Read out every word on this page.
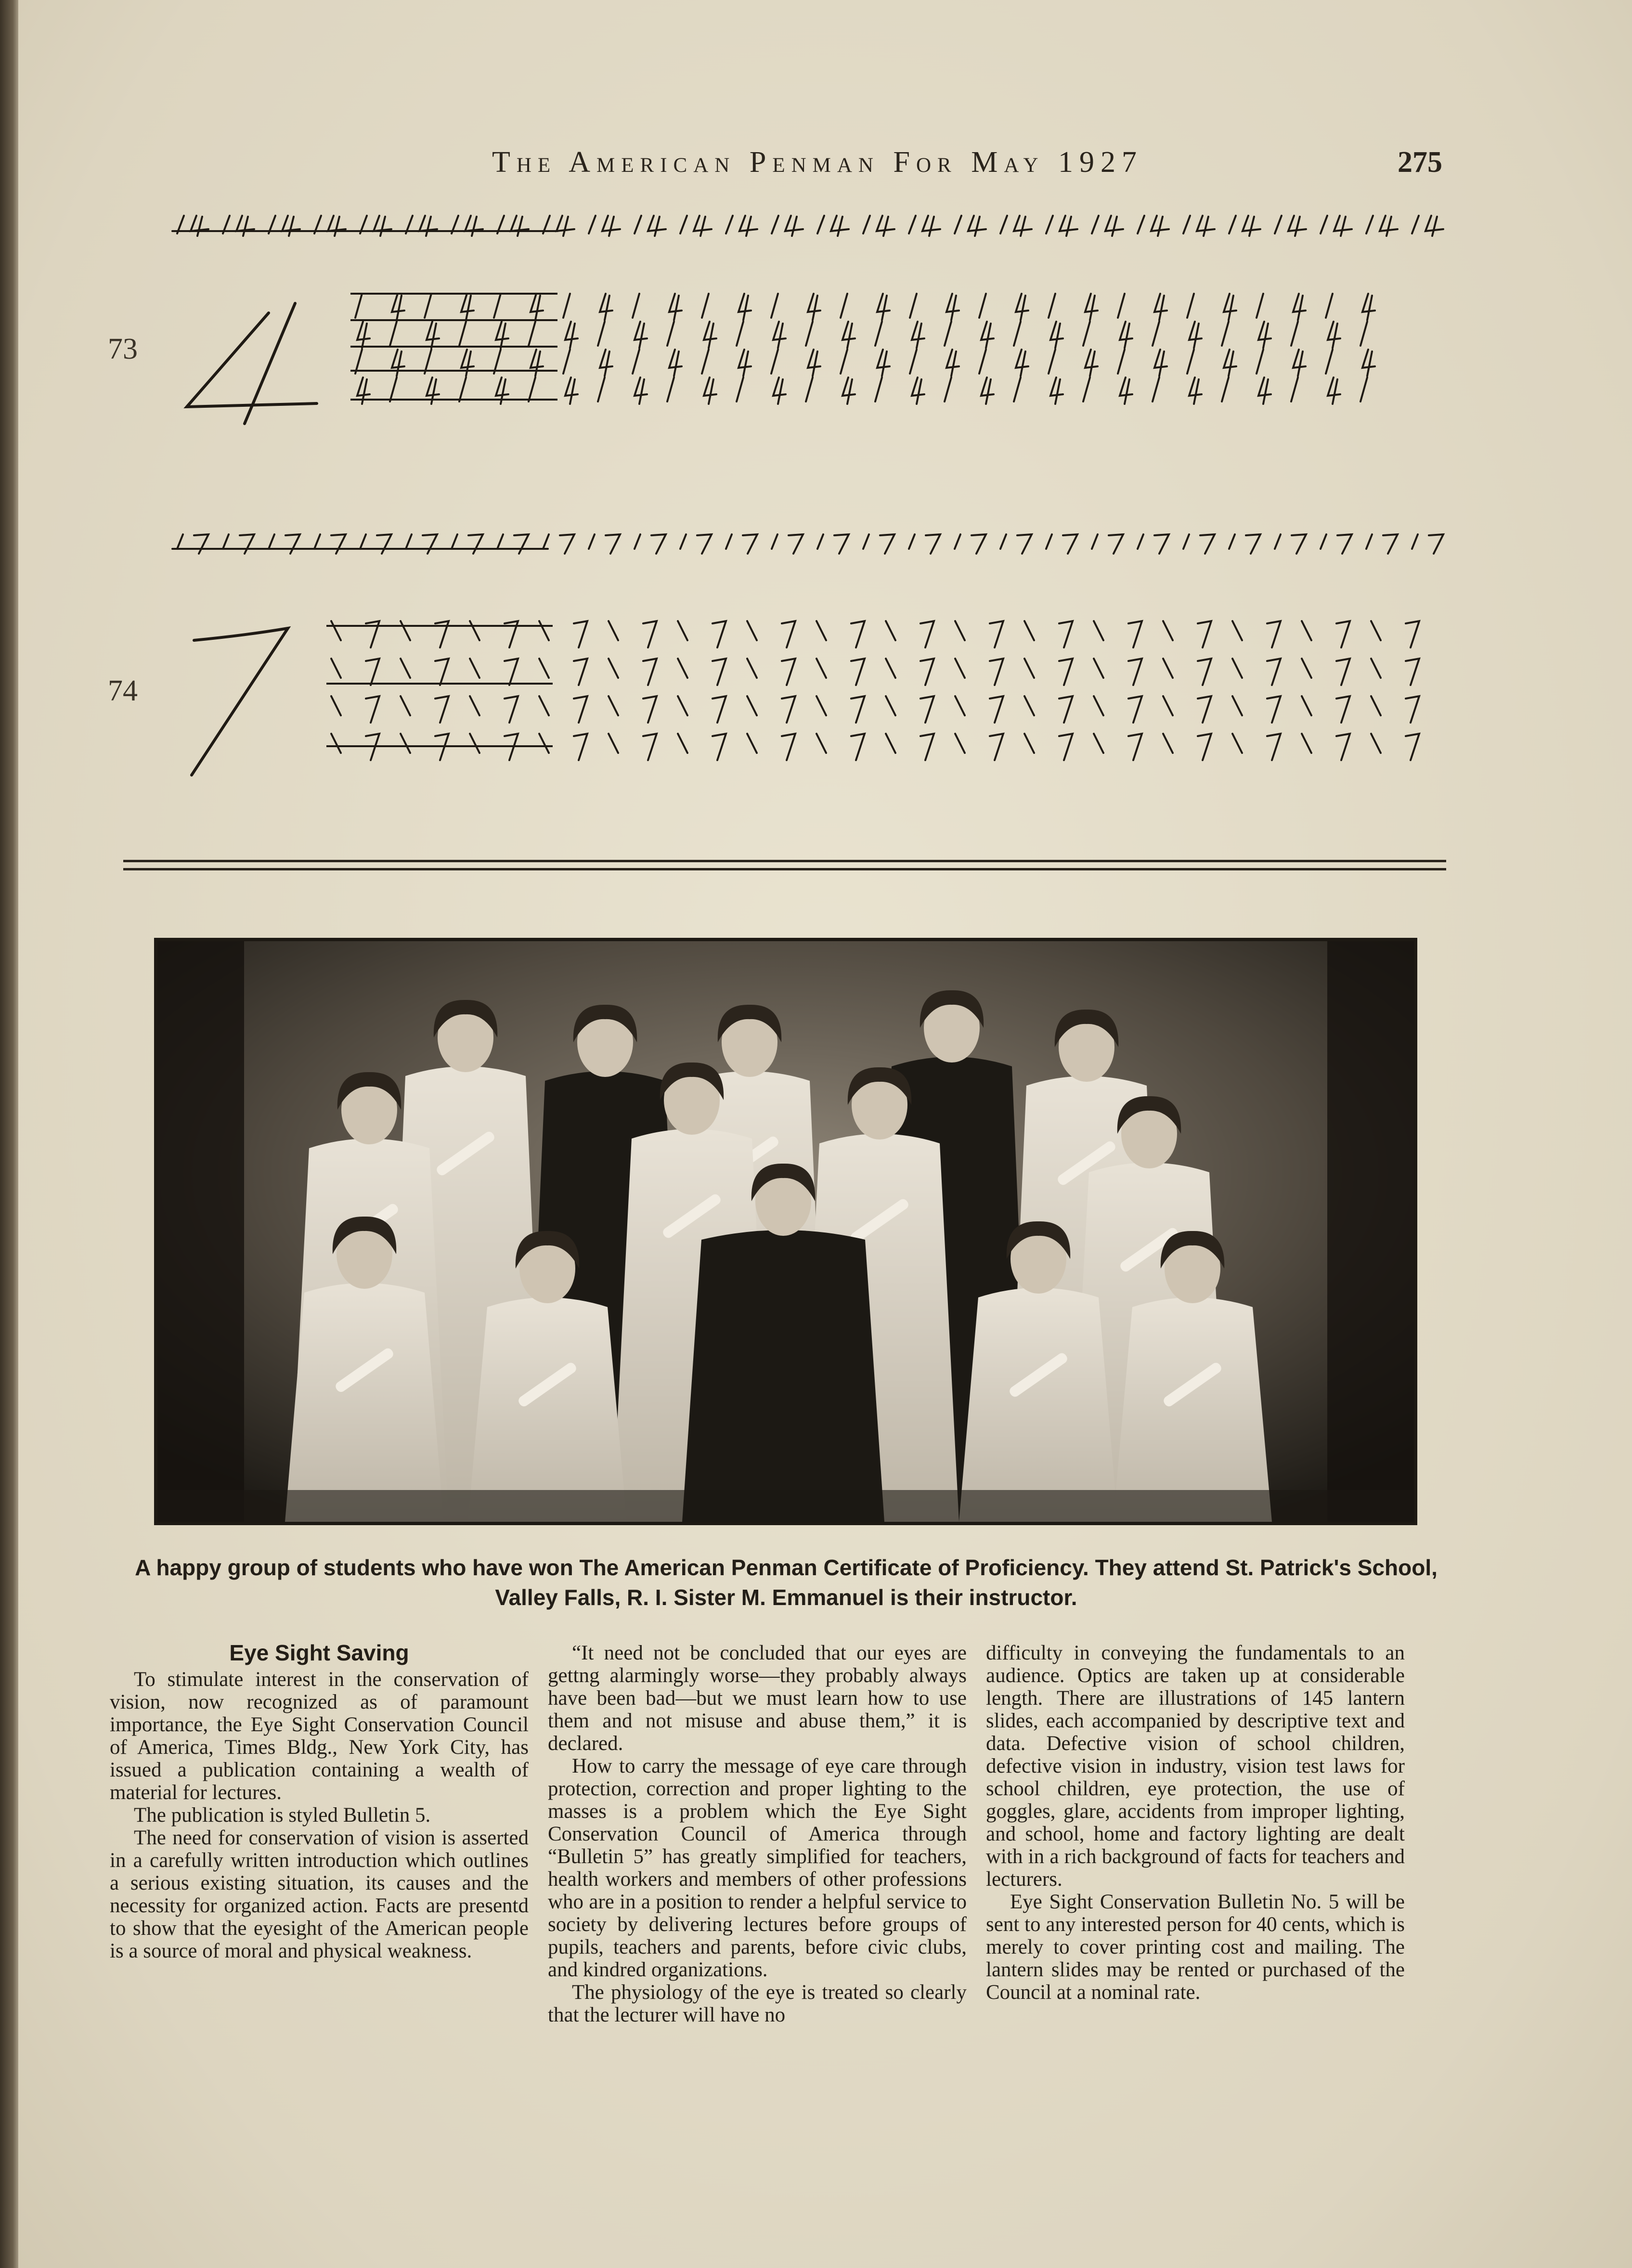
The American Penman For May 1927	275
73
74
A happy group of students who have won The American Penman Certificate of Proficiency. They attend St. Patrick's School, Valley Falls, R. I. Sister M. Emmanuel is their instructor.
Eye Sight Saving

To stimulate interest in the conservation of vision, now recognized as of paramount importance, the Eye Sight Conservation Council of America, Times Bldg., New York City, has issued a publication containing a wealth of material for lectures.

The publication is styled Bulletin 5.

The need for conservation of vision is asserted in a carefully written introduction which outlines a serious existing situation, its causes and the necessity for organized action. Facts are presentd to show that the eyesight of the American people is a source of moral and physical weakness.

“It need not be concluded that our eyes are gettng alarmingly worse—they probably always have been bad—but we must learn how to use them and not misuse and abuse them,” it is declared.

How to carry the message of eye care through protection, correction and proper lighting to the masses is a problem which the Eye Sight Conservation Council of America through “Bulletin 5” has greatly simplified for teachers, health workers and members of other professions who are in a position to render a helpful service to society by delivering lectures before groups of pupils, teachers and parents, before civic clubs, and kindred organizations.

The physiology of the eye is treated so clearly that the lecturer will have no

difficulty in conveying the fundamentals to an audience. Optics are taken up at considerable length. There are illustrations of 145 lantern slides, each accompanied by descriptive text and data. Defective vision of school children, defective vision in industry, vision test laws for school children, eye protection, the use of goggles, glare, accidents from improper lighting, and school, home and factory lighting are dealt with in a rich background of facts for teachers and lecturers.

Eye Sight Conservation Bulletin No. 5 will be sent to any interested person for 40 cents, which is merely to cover printing cost and mailing. The lantern slides may be rented or purchased of the Council at a nominal rate.
